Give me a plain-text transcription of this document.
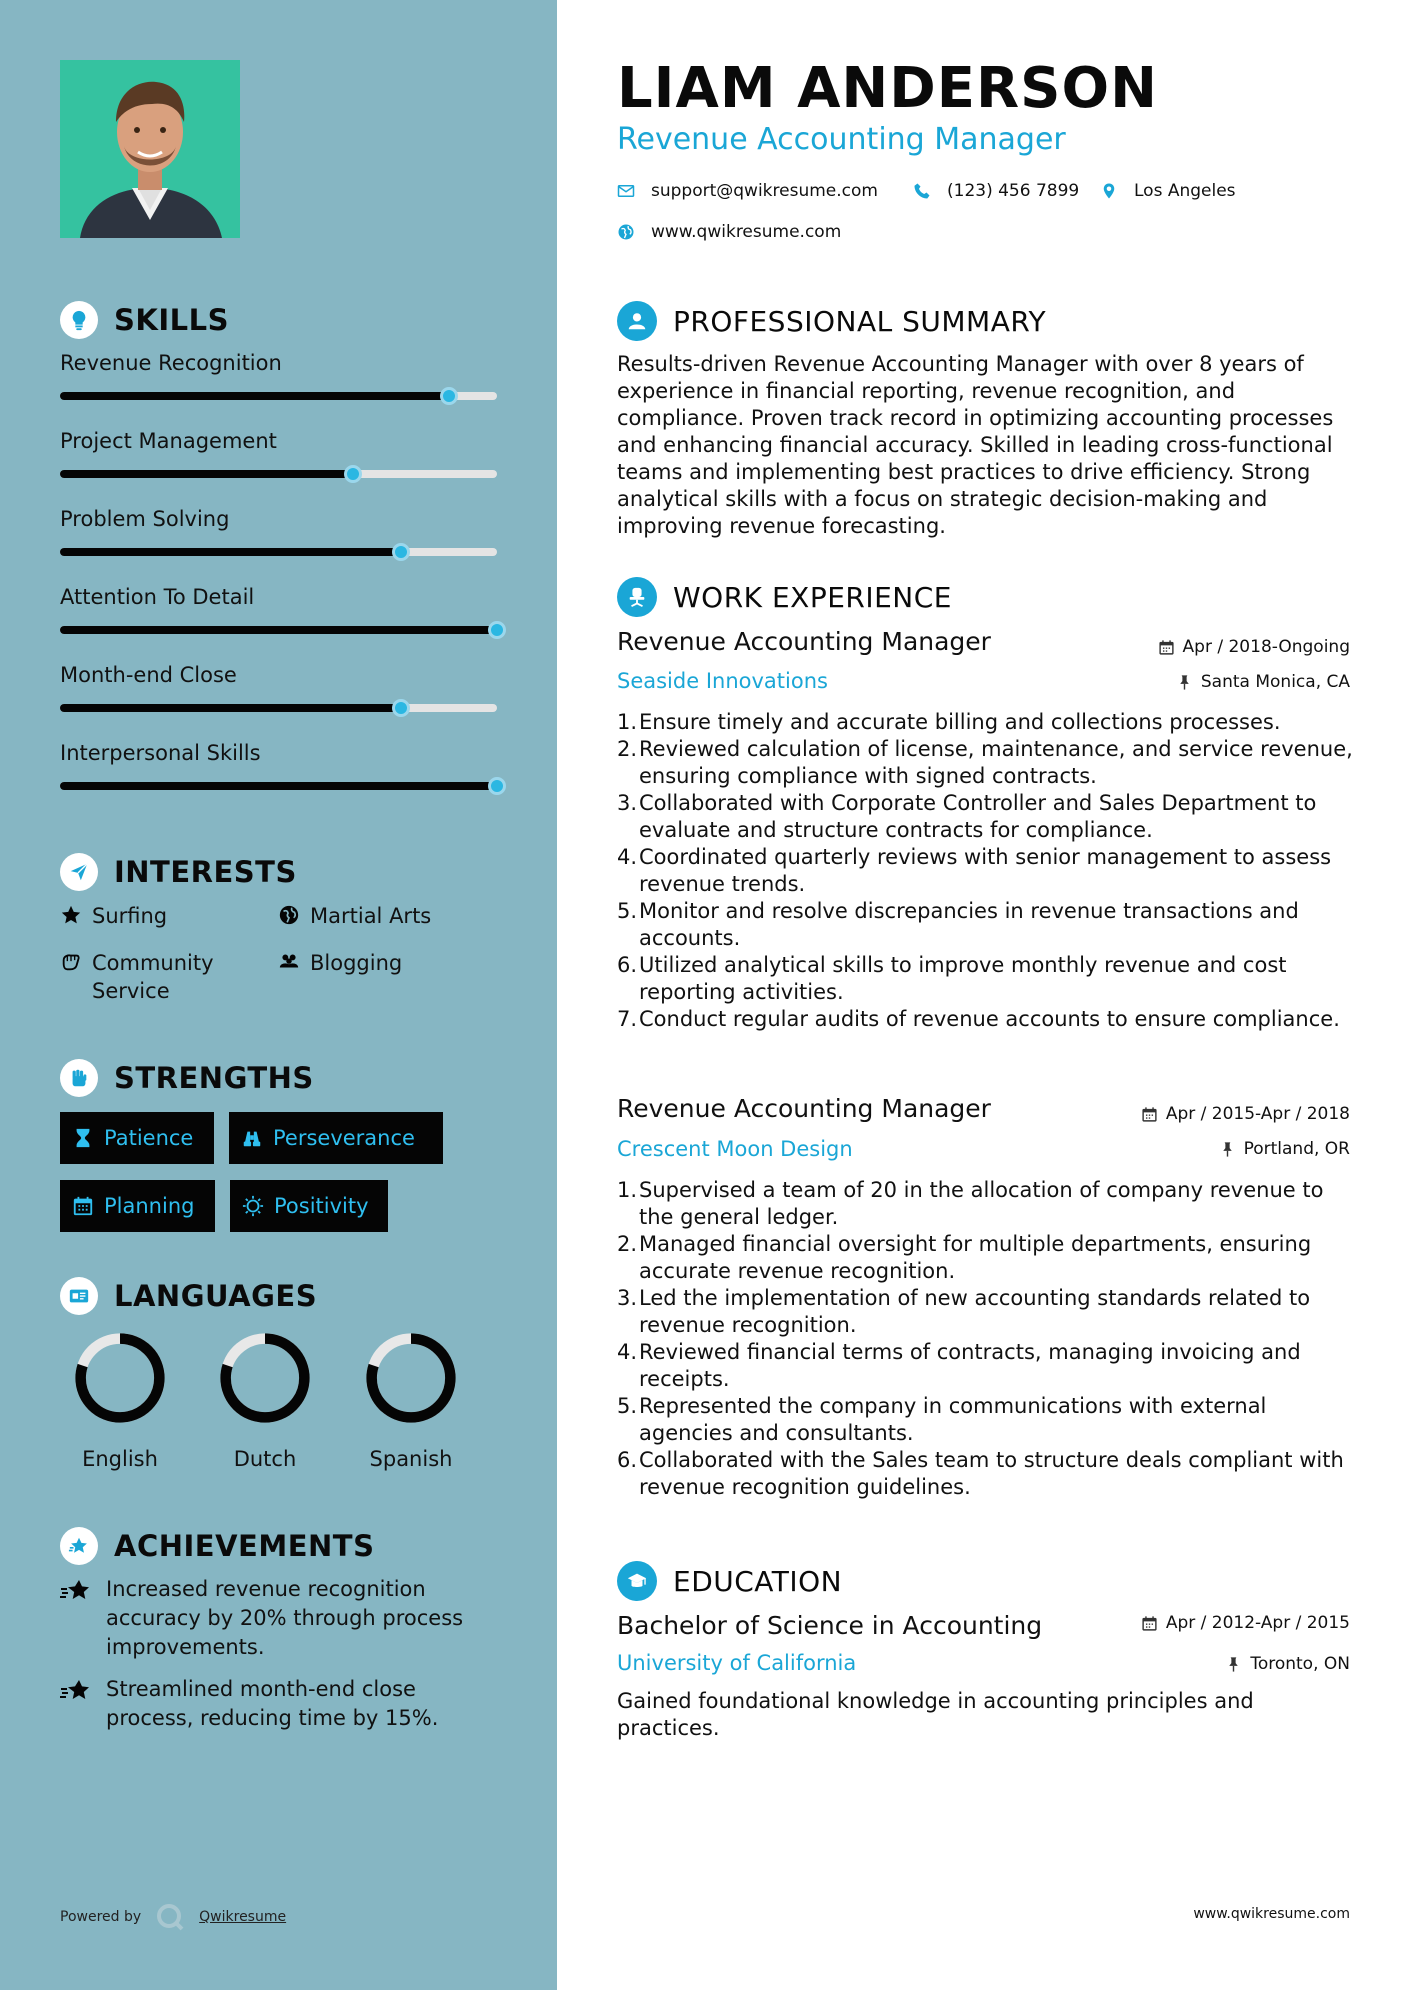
SKILLS
Revenue Recognition
Project Management
Problem Solving
Attention To Detail
Month-end Close
Interpersonal Skills
INTERESTS
Surfing	Martial Arts
Community Service
Blogging
STRENGTHS
Patience	Perseverance
Planning	Positivity
LANGUAGES
English	Dutch	Spanish
ACHIEVEMENTS
Increased revenue recognition accuracy by 20% through process improvements.
Streamlined month-end close process, reducing time by 15%.
Powered by	Qwikresume
LIAM ANDERSON
Revenue Accounting Manager
support@qwikresume.com	(123) 456 7899	Los Angeles
www.qwikresume.com
PROFESSIONAL SUMMARY
Results-driven Revenue Accounting Manager with over 8 years of experience in financial reporting, revenue recognition, and compliance. Proven track record in optimizing accounting processes and enhancing financial accuracy. Skilled in leading cross-functional teams and implementing best practices to drive efficiency. Strong analytical skills with a focus on strategic decision-making and improving revenue forecasting.
WORK EXPERIENCE
Revenue Accounting Manager	Apr / 2018-Ongoing
Seaside Innovations	Santa Monica, CA
1. Ensure timely and accurate billing and collections processes.
2. Reviewed calculation of license, maintenance, and service revenue, ensuring compliance with signed contracts.
3. Collaborated with Corporate Controller and Sales Department to evaluate and structure contracts for compliance.
4. Coordinated quarterly reviews with senior management to assess revenue trends.
5. Monitor and resolve discrepancies in revenue transactions and accounts.
6. Utilized analytical skills to improve monthly revenue and cost reporting activities.
7. Conduct regular audits of revenue accounts to ensure compliance.
Revenue Accounting Manager	Apr / 2015-Apr / 2018
Crescent Moon Design	Portland, OR
1. Supervised a team of 20 in the allocation of company revenue to the general ledger.
2. Managed financial oversight for multiple departments, ensuring accurate revenue recognition.
3. Led the implementation of new accounting standards related to revenue recognition.
4. Reviewed financial terms of contracts, managing invoicing and receipts.
5. Represented the company in communications with external agencies and consultants.
6. Collaborated with the Sales team to structure deals compliant with revenue recognition guidelines.
EDUCATION
Bachelor of Science in Accounting	Apr / 2012-Apr / 2015
University of California	Toronto, ON
Gained foundational knowledge in accounting principles and practices.
www.qwikresume.com
